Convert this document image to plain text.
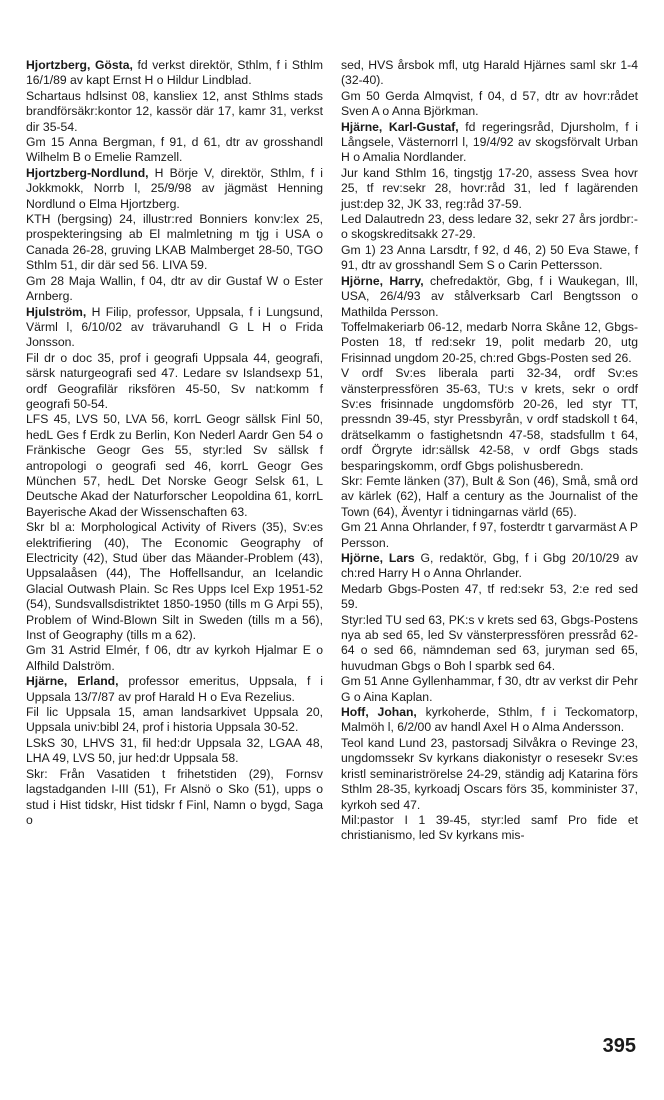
Hjortzberg, Gösta, fd verkst direktör, Sthlm, f i Sthlm 16/1/89 av kapt Ernst H o Hildur Lindblad.

Schartaus hdlsinst 08, kansliex 12, anst Sthlms stads brandförsäkr:kontor 12, kassör där 17, kamr 31, verkst dir 35-54.

Gm 15 Anna Bergman, f 91, d 61, dtr av grosshandl Wilhelm B o Emelie Ramzell.

Hjortzberg-Nordlund, H Börje V, direktör, Sthlm, f i Jokkmokk, Norrb l, 25/9/98 av jägmäst Henning Nordlund o Elma Hjortzberg.

KTH (bergsing) 24, illustr:red Bonniers konv:lex 25, prospekteringsing ab El malmletning m tjg i USA o Canada 26-28, gruving LKAB Malmberget 28-50, TGO Sthlm 51, dir där sed 56. LIVA 59.

Gm 28 Maja Wallin, f 04, dtr av dir Gustaf W o Ester Arnberg.

Hjulström, H Filip, professor, Uppsala, f i Lungsund, Värml l, 6/10/02 av trävaruhandl G L H o Frida Jonsson.

Fil dr o doc 35, prof i geografi Uppsala 44, geografi, särsk naturgeografi sed 47. Ledare sv Islandsexp 51, ordf Geografilär riksfören 45-50, Sv nat:komm f geografi 50-54.

LFS 45, LVS 50, LVA 56, korrL Geogr sällsk Finl 50, hedL Ges f Erdk zu Berlin, Kon Nederl Aardr Gen 54 o Fränkische Geogr Ges 55, styr:led Sv sällsk f antropologi o geografi sed 46, korrL Geogr Ges München 57, hedL Det Norske Geogr Selsk 61, L Deutsche Akad der Naturforscher Leopoldina 61, korrL Bayerische Akad der Wissenschaften 63.

Skr bl a: Morphological Activity of Rivers (35), Sv:es elektrifiering (40), The Economic Geography of Electricity (42), Stud über das Mäander-Problem (43), Uppsalaåsen (44), The Hoffellsandur, an Icelandic Glacial Outwash Plain. Sc Res Upps Icel Exp 1951-52 (54), Sundsvallsdistriktet 1850-1950 (tills m G Arpi 55), Problem of Wind-Blown Silt in Sweden (tills m a 56), Inst of Geography (tills m a 62).

Gm 31 Astrid Elmér, f 06, dtr av kyrkoh Hjalmar E o Alfhild Dalström.

Hjärne, Erland, professor emeritus, Uppsala, f i Uppsala 13/7/87 av prof Harald H o Eva Rezelius.

Fil lic Uppsala 15, aman landsarkivet Uppsala 20, Uppsala univ:bibl 24, prof i historia Uppsala 30-52.

LSkS 30, LHVS 31, fil hed:dr Uppsala 32, LGAA 48, LHA 49, LVS 50, jur hed:dr Uppsala 58.

Skr: Från Vasatiden t frihetstiden (29), Fornsv lagstadganden I-III (51), Fr Alsnö o Sko (51), upps o stud i Hist tidskr, Hist tidskr f Finl, Namn o bygd, Saga o

sed, HVS årsbok mfl, utg Harald Hjärnes saml skr 1-4 (32-40).

Gm 50 Gerda Almqvist, f 04, d 57, dtr av hovr:rådet Sven A o Anna Björkman.

Hjärne, Karl-Gustaf, fd regeringsråd, Djursholm, f i Långsele, Västernorrl l, 19/4/92 av skogsförvalt Urban H o Amalia Nordlander.

Jur kand Sthlm 16, tingstjg 17-20, assess Svea hovr 25, tf rev:sekr 28, hovr:råd 31, led f lagärenden just:dep 32, JK 33, reg:råd 37-59.

Led Dalautredn 23, dess ledare 32, sekr 27 års jordbr:- o skogskreditsakk 27-29.

Gm 1) 23 Anna Larsdtr, f 92, d 46, 2) 50 Eva Stawe, f 91, dtr av grosshandl Sem S o Carin Pettersson.

Hjörne, Harry, chefredaktör, Gbg, f i Waukegan, Ill, USA, 26/4/93 av stålverksarb Carl Bengtsson o Mathilda Persson.

Toffelmakeriarb 06-12, medarb Norra Skåne 12, Gbgs-Posten 18, tf red:sekr 19, polit medarb 20, utg Frisinnad ungdom 20-25, ch:red Gbgs-Posten sed 26.

V ordf Sv:es liberala parti 32-34, ordf Sv:es vänsterpressfören 35-63, TU:s v krets, sekr o ordf Sv:es frisinnade ungdomsförb 20-26, led styr TT, pressndn 39-45, styr Pressbyrån, v ordf stadskoll t 64, drätselkamm o fastighetsndn 47-58, stadsfullm t 64, ordf Örgryte idr:sällsk 42-58, v ordf Gbgs stads besparingskomm, ordf Gbgs polishusberedn.

Skr: Femte länken (37), Bult & Son (46), Små, små ord av kärlek (62), Half a century as the Journalist of the Town (64), Äventyr i tidningarnas värld (65).

Gm 21 Anna Ohrlander, f 97, fosterdtr t garvarmäst A P Persson.

Hjörne, Lars G, redaktör, Gbg, f i Gbg 20/10/29 av ch:red Harry H o Anna Ohrlander.

Medarb Gbgs-Posten 47, tf red:sekr 53, 2:e red sed 59.

Styr:led TU sed 63, PK:s v krets sed 63, Gbgs-Postens nya ab sed 65, led Sv vänsterpressfören pressråd 62-64 o sed 66, nämndeman sed 63, juryman sed 65, huvudman Gbgs o Boh l sparbk sed 64.

Gm 51 Anne Gyllenhammar, f 30, dtr av verkst dir Pehr G o Aina Kaplan.

Hoff, Johan, kyrkoherde, Sthlm, f i Teckomatorp, Malmöh l, 6/2/00 av handl Axel H o Alma Andersson.

Teol kand Lund 23, pastorsadj Silvåkra o Revinge 23, ungdomssekr Sv kyrkans diakonistyr o resesekr Sv:es kristl seminariströrelse 24-29, ständig adj Katarina förs Sthlm 28-35, kyrkoadj Oscars förs 35, komminister 37, kyrkoh sed 47.

Mil:pastor I 1 39-45, styr:led samf Pro fide et christianismo, led Sv kyrkans mis-

395
